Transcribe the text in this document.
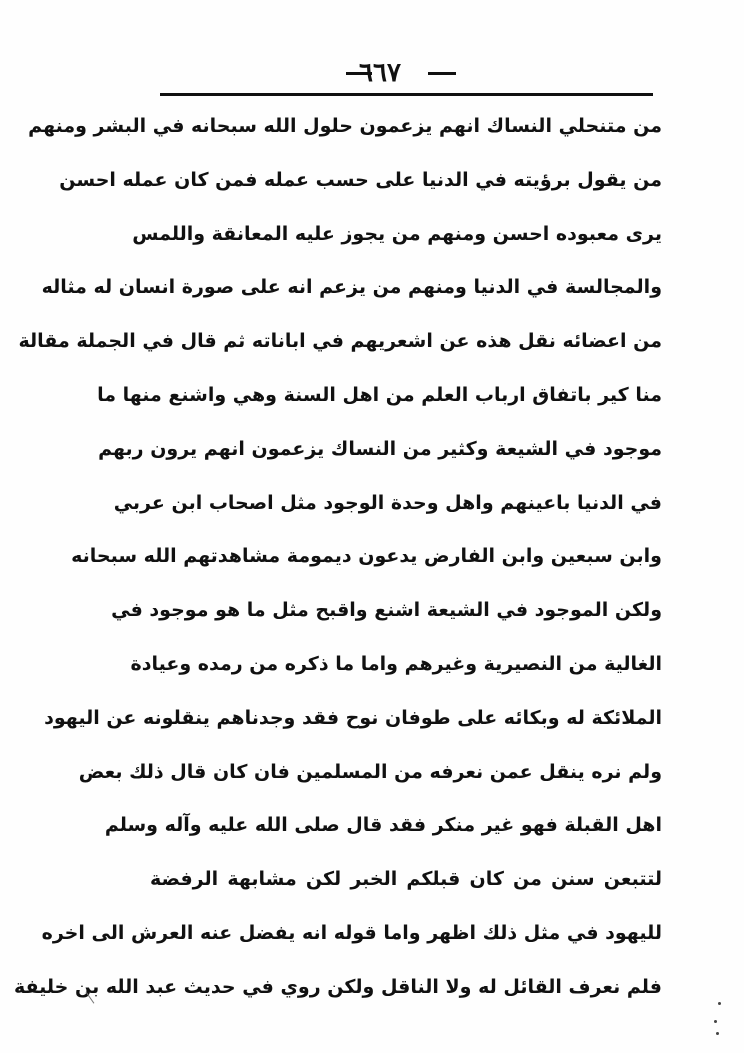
٦٦٧
من متنحلي النساك انهم يزعمون حلول الله سبحانه في البشر ومنهم
من يقول برؤيته في الدنيا على حسب عمله فمن كان عمله احسن
يرى معبوده احسن ومنهم من يجوز عليه المعانقة واللمس
والمجالسة في الدنيا ومنهم من يزعم انه على صورة انسان له مثاله
من اعضائه نقل هذه عن اشعريهم في اباناته ثم قال في الجملة مقالة
منا كير باتفاق ارباب العلم من اهل السنة وهي واشنع منها ما
موجود في الشيعة وكثير من النساك يزعمون انهم يرون ربهم
في الدنيا باعينهم واهل وحدة الوجود مثل اصحاب ابن عربي
وابن سبعين وابن الفارض يدعون ديمومة مشاهدتهم الله سبحانه
ولكن الموجود في الشيعة اشنع واقبح مثل ما هو موجود في
الغالية من النصيرية وغيرهم واما ما ذكره من رمده وعيادة
الملائكة له وبكائه على طوفان نوح فقد وجدناهم ينقلونه عن اليهود
ولم نره ينقل عمن نعرفه من المسلمين فان كان قال ذلك بعض
اهل القبلة فهو غير منكر فقد قال صلى الله عليه وآله وسلم
لتتبعن سنن من كان قبلكم الخبر لكن مشابهة الرفضة
لليهود في مثل ذلك اظهر واما قوله انه يفضل عنه العرش الى اخره
فلم نعرف القائل له ولا الناقل ولكن روي في حديث عبد الله بن خليفة
